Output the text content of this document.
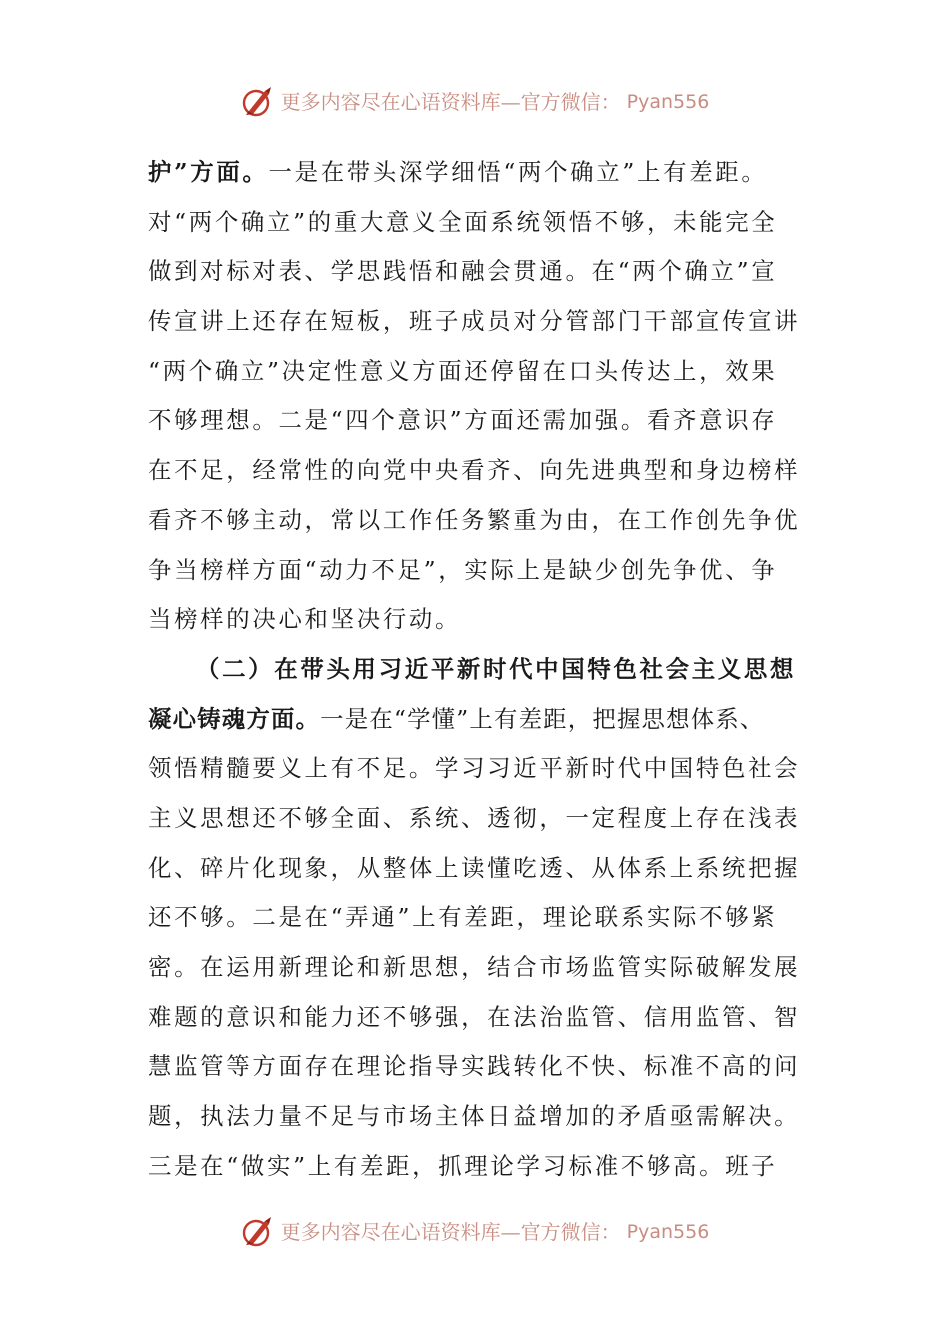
更多内容尽在心语资料库—官方微信： Pyan556
护”方面。一是在带头深学细悟“两个确立”上有差距。
对“两个确立”的重大意义全面系统领悟不够，未能完全
做到对标对表、学思践悟和融会贯通。在“两个确立”宣
传宣讲上还存在短板，班子成员对分管部门干部宣传宣讲
“两个确立”决定性意义方面还停留在口头传达上，效果
不够理想。二是“四个意识”方面还需加强。看齐意识存
在不足，经常性的向党中央看齐、向先进典型和身边榜样
看齐不够主动，常以工作任务繁重为由，在工作创先争优
争当榜样方面“动力不足”，实际上是缺少创先争优、争
当榜样的决心和坚决行动。
（二）在带头用习近平新时代中国特色社会主义思想
凝心铸魂方面。一是在“学懂”上有差距，把握思想体系、
领悟精髓要义上有不足。学习习近平新时代中国特色社会
主义思想还不够全面、系统、透彻，一定程度上存在浅表
化、碎片化现象，从整体上读懂吃透、从体系上系统把握
还不够。二是在“弄通”上有差距，理论联系实际不够紧
密。在运用新理论和新思想，结合市场监管实际破解发展
难题的意识和能力还不够强，在法治监管、信用监管、智
慧监管等方面存在理论指导实践转化不快、标准不高的问
题，执法力量不足与市场主体日益增加的矛盾亟需解决。
三是在“做实”上有差距，抓理论学习标准不够高。班子
更多内容尽在心语资料库—官方微信： Pyan556
